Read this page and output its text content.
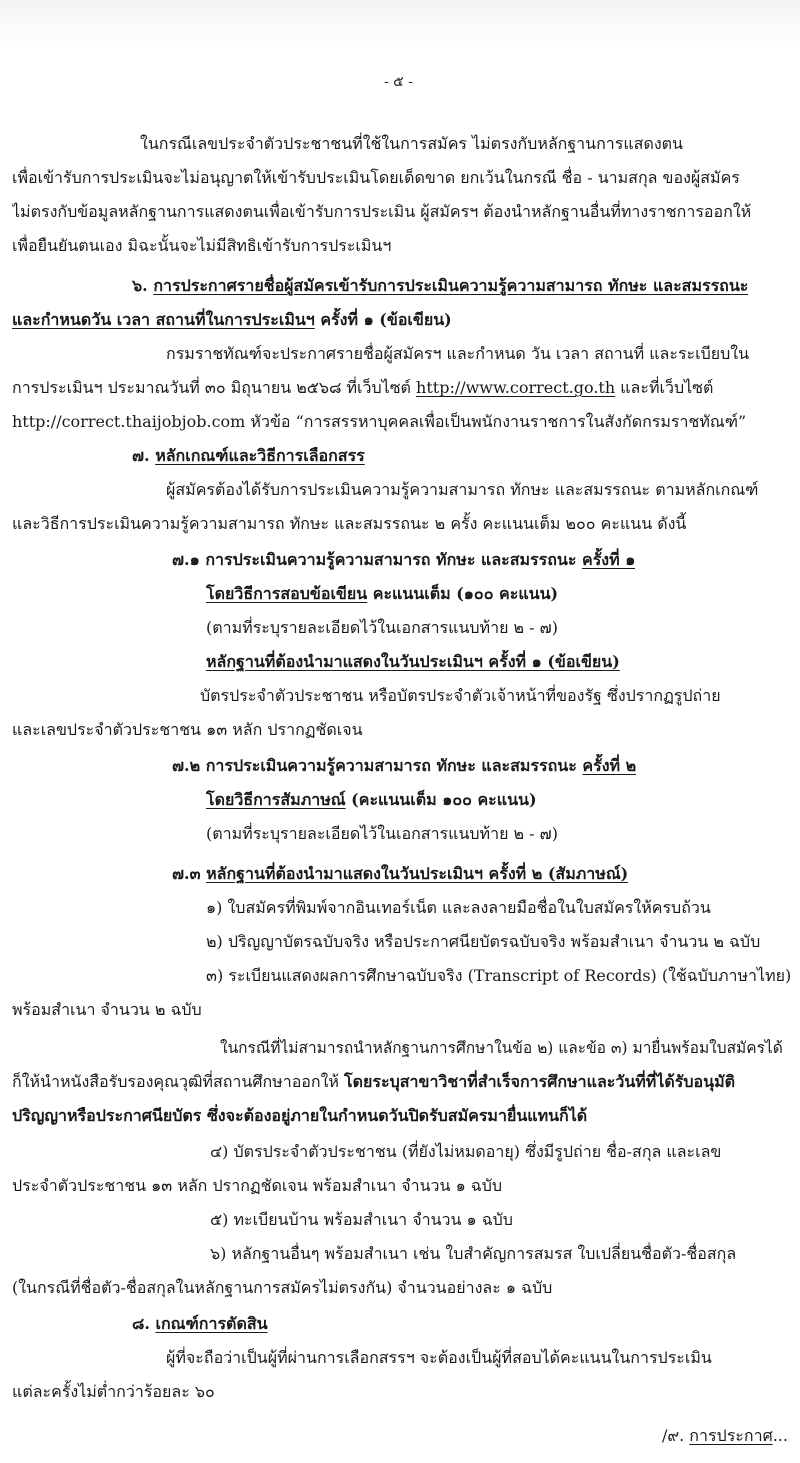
- ๕ -
ในกรณีเลขประจำตัวประชาชนที่ใช้ในการสมัคร ไม่ตรงกับหลักฐานการแสดงตน
เพื่อเข้ารับการประเมินจะไม่อนุญาตให้เข้ารับประเมินโดยเด็ดขาด ยกเว้นในกรณี ชื่อ - นามสกุล ของผู้สมัคร
ไม่ตรงกับข้อมูลหลักฐานการแสดงตนเพื่อเข้ารับการประเมิน ผู้สมัครฯ ต้องนำหลักฐานอื่นที่ทางราชการออกให้
เพื่อยืนยันตนเอง มิฉะนั้นจะไม่มีสิทธิเข้ารับการประเมินฯ
๖. การประกาศรายชื่อผู้สมัครเข้ารับการประเมินความรู้ความสามารถ ทักษะ และสมรรถนะ
และกำหนดวัน เวลา สถานที่ในการประเมินฯ ครั้งที่ ๑ (ข้อเขียน)
กรมราชทัณฑ์จะประกาศรายชื่อผู้สมัครฯ และกำหนด วัน เวลา สถานที่ และระเบียบใน
การประเมินฯ ประมาณวันที่ ๓๐ มิถุนายน ๒๕๖๘ ที่เว็บไซต์ http://www.correct.go.th และที่เว็บไซต์
http://correct.thaijobjob.com หัวข้อ “การสรรหาบุคคลเพื่อเป็นพนักงานราชการในสังกัดกรมราชทัณฑ์”
๗. หลักเกณฑ์และวิธีการเลือกสรร
ผู้สมัครต้องได้รับการประเมินความรู้ความสามารถ ทักษะ และสมรรถนะ ตามหลักเกณฑ์
และวิธีการประเมินความรู้ความสามารถ ทักษะ และสมรรถนะ ๒ ครั้ง คะแนนเต็ม ๒๐๐ คะแนน ดังนี้
๗.๑ การประเมินความรู้ความสามารถ ทักษะ และสมรรถนะ ครั้งที่ ๑
โดยวิธีการสอบข้อเขียน คะแนนเต็ม (๑๐๐ คะแนน)
(ตามที่ระบุรายละเอียดไว้ในเอกสารแนบท้าย ๒ - ๗)
หลักฐานที่ต้องนำมาแสดงในวันประเมินฯ ครั้งที่ ๑ (ข้อเขียน)
บัตรประจำตัวประชาชน หรือบัตรประจำตัวเจ้าหน้าที่ของรัฐ ซึ่งปรากฏรูปถ่าย
และเลขประจำตัวประชาชน ๑๓ หลัก ปรากฏชัดเจน
๗.๒ การประเมินความรู้ความสามารถ ทักษะ และสมรรถนะ ครั้งที่ ๒
โดยวิธีการสัมภาษณ์ (คะแนนเต็ม ๑๐๐ คะแนน)
(ตามที่ระบุรายละเอียดไว้ในเอกสารแนบท้าย ๒ - ๗)
๗.๓ หลักฐานที่ต้องนำมาแสดงในวันประเมินฯ ครั้งที่ ๒ (สัมภาษณ์)
๑) ใบสมัครที่พิมพ์จากอินเทอร์เน็ต และลงลายมือชื่อในใบสมัครให้ครบถ้วน
๒) ปริญญาบัตรฉบับจริง หรือประกาศนียบัตรฉบับจริง พร้อมสำเนา จำนวน ๒ ฉบับ
๓) ระเบียนแสดงผลการศึกษาฉบับจริง (Transcript of Records) (ใช้ฉบับภาษาไทย)
พร้อมสำเนา จำนวน ๒ ฉบับ
ในกรณีที่ไม่สามารถนำหลักฐานการศึกษาในข้อ ๒) และข้อ ๓) มายื่นพร้อมใบสมัครได้
ก็ให้นำหนังสือรับรองคุณวุฒิที่สถานศึกษาออกให้ โดยระบุสาขาวิชาที่สำเร็จการศึกษาและวันที่ที่ได้รับอนุมัติ
ปริญญาหรือประกาศนียบัตร ซึ่งจะต้องอยู่ภายในกำหนดวันปิดรับสมัครมายื่นแทนก็ได้
๔) บัตรประจำตัวประชาชน (ที่ยังไม่หมดอายุ) ซึ่งมีรูปถ่าย ชื่อ-สกุล และเลข
ประจำตัวประชาชน ๑๓ หลัก ปรากฏชัดเจน พร้อมสำเนา จำนวน ๑ ฉบับ
๕) ทะเบียนบ้าน พร้อมสำเนา จำนวน ๑ ฉบับ
๖) หลักฐานอื่นๆ พร้อมสำเนา เช่น ใบสำคัญการสมรส ใบเปลี่ยนชื่อตัว-ชื่อสกุล
(ในกรณีที่ชื่อตัว-ชื่อสกุลในหลักฐานการสมัครไม่ตรงกัน) จำนวนอย่างละ ๑ ฉบับ
๘. เกณฑ์การตัดสิน
ผู้ที่จะถือว่าเป็นผู้ที่ผ่านการเลือกสรรฯ จะต้องเป็นผู้ที่สอบได้คะแนนในการประเมิน
แต่ละครั้งไม่ต่ำกว่าร้อยละ ๖๐
/๙. การประกาศ...
